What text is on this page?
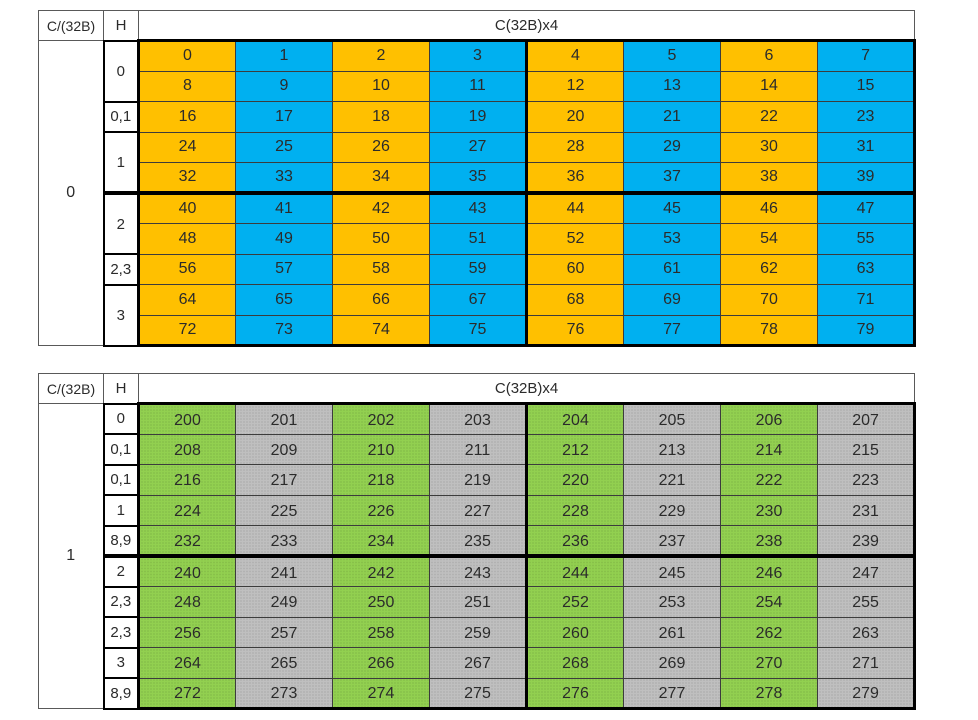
C/(32B)	H	C(32B)x4							
0	0	0	1	2	3	4	5	6	7
		8	9	10	11	12	13	14	15
	0,1	16	17	18	19	20	21	22	23
	1	24	25	26	27	28	29	30	31
		32	33	34	35	36	37	38	39
	2	40	41	42	43	44	45	46	47
		48	49	50	51	52	53	54	55
	2,3	56	57	58	59	60	61	62	63
	3	64	65	66	67	68	69	70	71
		72	73	74	75	76	77	78	79
C/(32B)	H	C(32B)x4							
1	0	200	201	202	203	204	205	206	207
	0,1	208	209	210	211	212	213	214	215
	0,1	216	217	218	219	220	221	222	223
	1	224	225	226	227	228	229	230	231
	8,9	232	233	234	235	236	237	238	239
	2	240	241	242	243	244	245	246	247
	2,3	248	249	250	251	252	253	254	255
	2,3	256	257	258	259	260	261	262	263
	3	264	265	266	267	268	269	270	271
	8,9	272	273	274	275	276	277	278	279
